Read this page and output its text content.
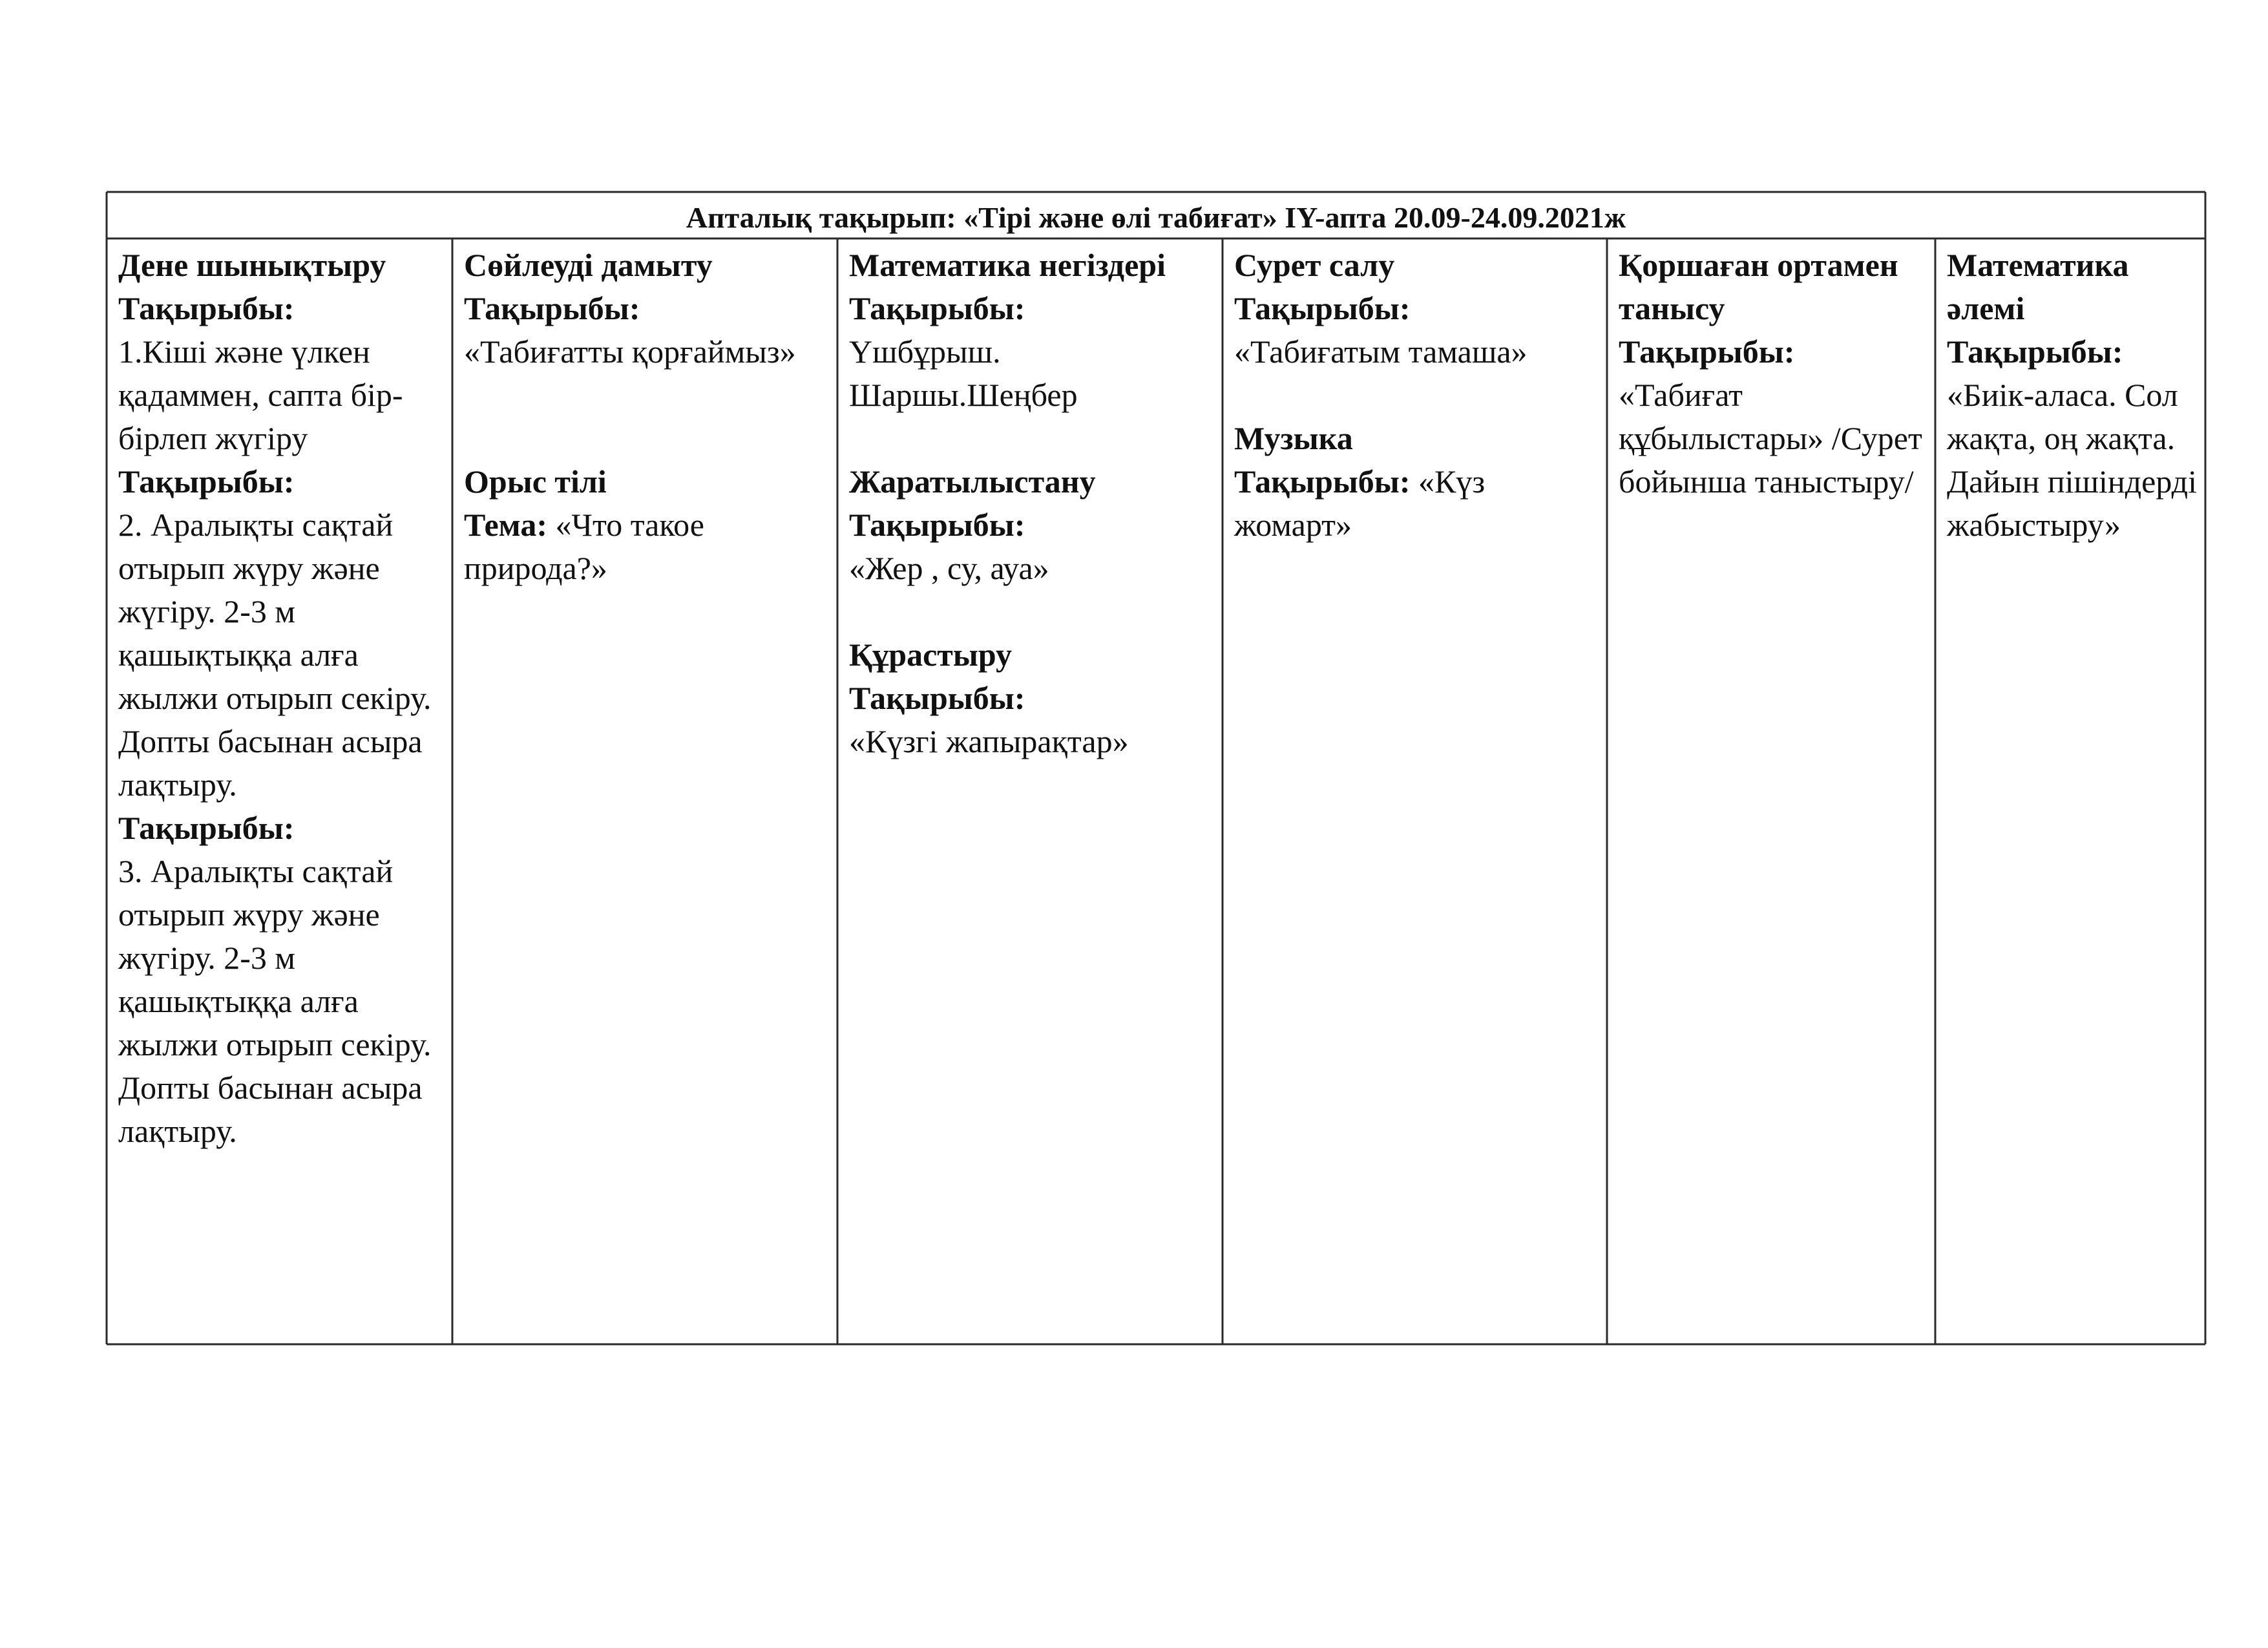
Апталық тақырып: «Тірі және өлі табиғат» IY-апта 20.09-24.09.2021ж

Дене шынықтыру

Тақырыбы:

1.Кіші және үлкен қадаммен, сапта бір-бірлеп жүгіру

Тақырыбы:

2. Аралықты сақтай отырып жүру және жүгіру. 2-3 м қашықтыққа алға жылжи отырып секіру. Допты басынан асыра лақтыру.

Тақырыбы:

3. Аралықты сақтай отырып жүру және жүгіру. 2-3 м қашықтыққа алға жылжи отырып секіру. Допты басынан асыра лақтыру.

Сөйлеуді дамыту

Тақырыбы:

«Табиғатты қорғаймыз»

Орыс тілі

Тема: «Что такое природа?»

Математика негіздері

Тақырыбы:

Үшбұрыш. Шаршы.Шеңбер

Жаратылыстану

Тақырыбы:

«Жер , су, ауа»

Құрастыру

Тақырыбы:

«Күзгі жапырақтар»

Сурет салу

Тақырыбы:

«Табиғатым тамаша»

Музыка

Тақырыбы: «Күз жомарт»

Қоршаған ортамен танысу

Тақырыбы:

«Табиғат құбылыстары» /Сурет бойынша таныстыру/

Математика әлемі

Тақырыбы:

«Биік-аласа. Сол жақта, оң жақта. Дайын пішіндерді жабыстыру»
